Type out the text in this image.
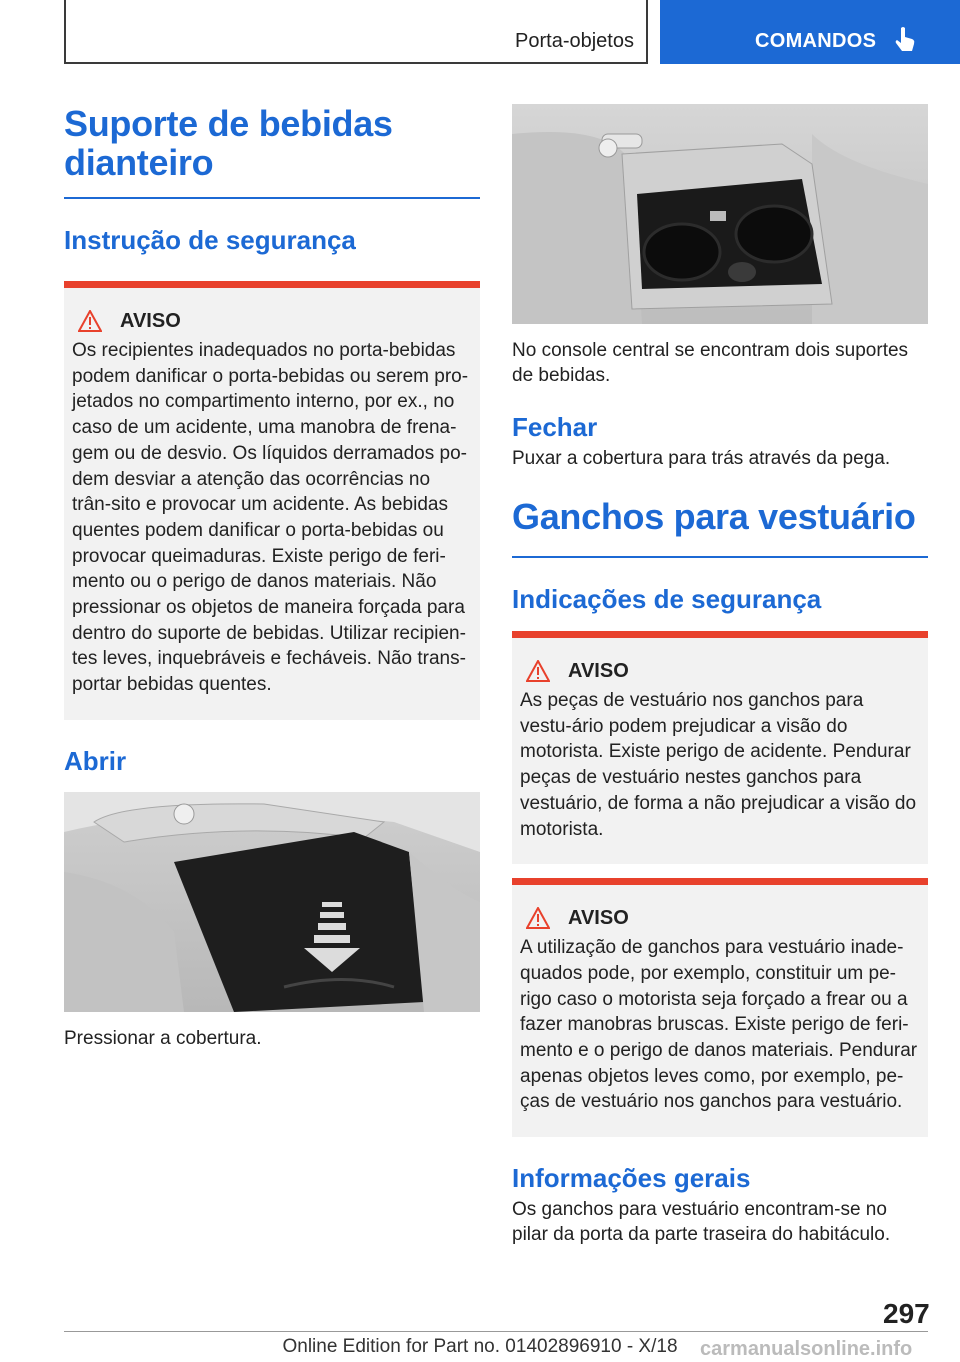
Porta-objetos	COMANDOS
Suporte de bebidas dianteiro
Instrução de segurança
AVISO

Os recipientes inadequados no porta-bebidas podem danificar o porta-bebidas ou serem pro-jetados no compartimento interno, por ex., no caso de um acidente, uma manobra de frena-gem ou de desvio. Os líquidos derramados po-dem desviar a atenção das ocorrências no trân-sito e provocar um acidente. As bebidas quentes podem danificar o porta-bebidas ou provocar queimaduras. Existe perigo de feri-mento ou o perigo de danos materiais. Não pressionar os objetos de maneira forçada para dentro do suporte de bebidas. Utilizar recipien-tes leves, inquebráveis e fecháveis. Não trans-portar bebidas quentes.

Abrir

Pressionar a cobertura.

No console central se encontram dois suportes de bebidas.

Fechar

Puxar a cobertura para trás através da pega.

Ganchos para vestuário
Indicações de segurança
AVISO

As peças de vestuário nos ganchos para vestu-ário podem prejudicar a visão do motorista. Existe perigo de acidente. Pendurar peças de vestuário nestes ganchos para vestuário, de forma a não prejudicar a visão do motorista.

AVISO

A utilização de ganchos para vestuário inade-quados pode, por exemplo, constituir um pe-rigo caso o motorista seja forçado a frear ou a fazer manobras bruscas. Existe perigo de feri-mento e o perigo de danos materiais. Pendurar apenas objetos leves como, por exemplo, pe-ças de vestuário nos ganchos para vestuário.

Informações gerais

Os ganchos para vestuário encontram-se no pilar da porta da parte traseira do habitáculo.

297
Online Edition for Part no. 01402896910 - X/18	carmanualsonline.info
